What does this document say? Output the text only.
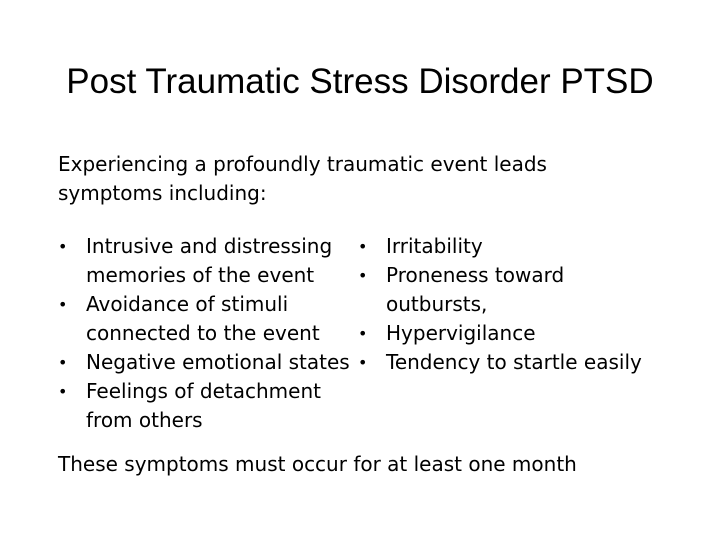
Post Traumatic Stress Disorder PTSD
Experiencing a profoundly traumatic event leads
symptoms including:
•
Intrusive and distressing
memories of the event
•
Avoidance of stimuli
connected to the event
•
Negative emotional states
•
Feelings of detachment
from others
•
Irritability
•
Proneness toward
outbursts,
•
Hypervigilance
•
Tendency to startle easily
These symptoms must occur for at least one month
